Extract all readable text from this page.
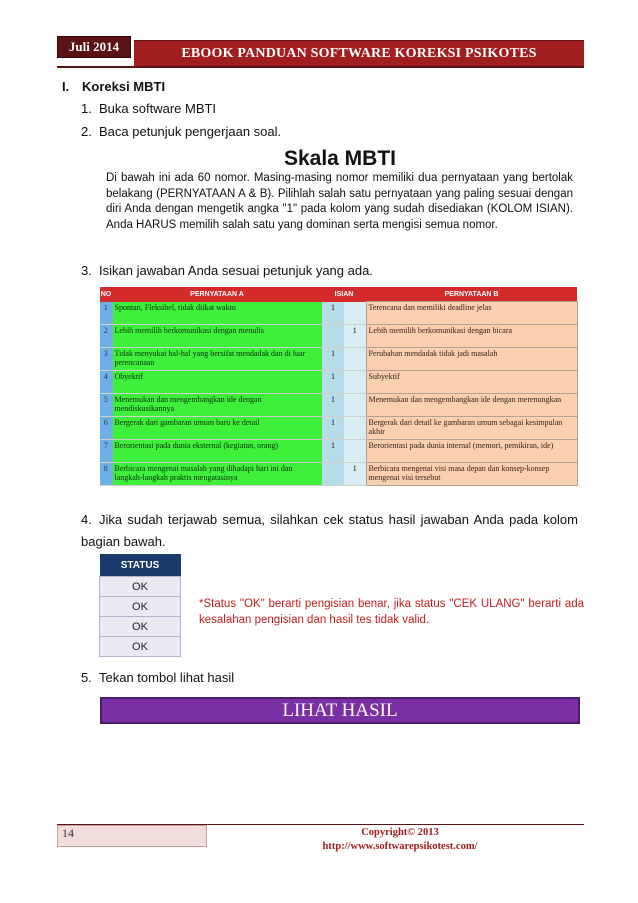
Juli 2014	EBOOK PANDUAN SOFTWARE KOREKSI PSIKOTES
I. Koreksi MBTI
1. Buka software MBTI
2. Baca petunjuk pengerjaan soal.
Skala MBTI
Di bawah ini ada 60 nomor. Masing-masing nomor memiliki dua pernyataan yang bertolak belakang (PERNYATAAN A & B). Pilihlah salah satu pernyataan yang paling sesuai dengan diri Anda dengan mengetik angka "1" pada kolom yang sudah disediakan (KOLOM ISIAN). Anda HARUS memilih salah satu yang dominan serta mengisi semua nomor.
3. Isikan jawaban Anda sesuai petunjuk yang ada.
NO	PERNYATAAN A	ISIAN		PERNYATAAN B
1	Spontan, Fleksibel, tidak diikat waktu	1		Terencana dan memiliki deadline jelas
2	Lebih memilih berkomunikasi dengan menulis		1	Lebih memilih berkomunikasi dengan bicara
3	Tidak menyukai hal-hal yang bersifat mendadak dan di luar perencanaan	1		Perubahan mendadak tidak jadi masalah
4	Obyektif	1		Subyektif
5	Menemukan dan mengembangkan ide dengan mendiskusikannya	1		Menemukan dan mengembangkan ide dengan merenungkan
6	Bergerak dari gambaran umum baru ke detail	1		Bergerak dari detail ke gambaran umum sebagai kesimpulan akhir
7	Berorientasi pada dunia eksternal (kegiatan, orang)	1		Berorientasi pada dunia internal (memori, pemikiran, ide)
8	Berbicara mengenai masalah yang dihadapi hari ini dan langkah-langkah praktis mengatasinya		1	Berbicara mengenai visi masa depan dan konsep-konsep mengenai visi tersebut
4. Jika sudah terjawab semua, silahkan cek status hasil jawaban Anda pada kolom bagian bawah.
STATUS
OK
OK
OK
OK
*Status "OK" berarti pengisian benar, jika status "CEK ULANG" berarti ada kesalahan pengisian dan hasil tes tidak valid.
5. Tekan tombol lihat hasil
LIHAT HASIL
14	Copyright© 2013
http://www.softwarepsikotest.com/
